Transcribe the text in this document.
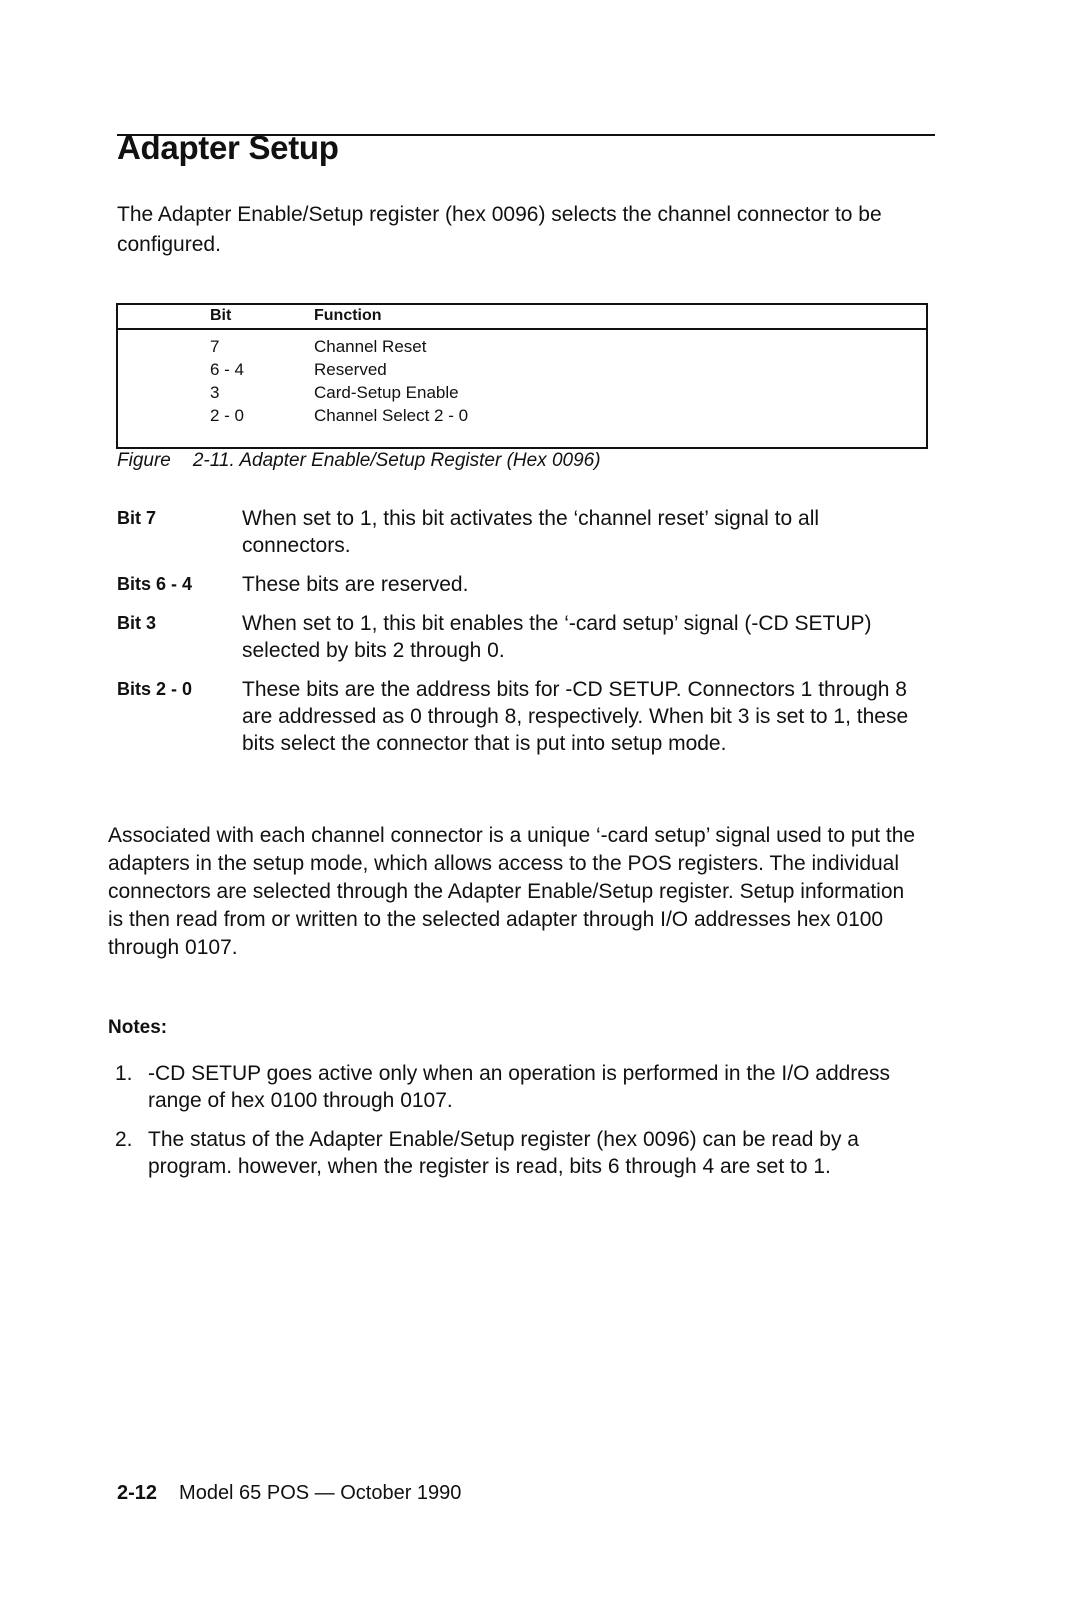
Adapter Setup

The Adapter Enable/Setup register (hex 0096) selects the channel connector to be configured.

Bit	Function
7	Channel Reset
6 - 4	Reserved
3	Card-Setup Enable
2 - 0	Channel Select 2 - 0
Figure 2-11. Adapter Enable/Setup Register (Hex 0096)
Bit 7	When set to 1, this bit activates the ‘channel reset’ signal to all connectors.
Bits 6 - 4 These bits are reserved.
Bit 3	When set to 1, this bit enables the ‘-card setup’ signal (-CD SETUP) selected by bits 2 through 0.
Bits 2 - 0 These bits are the address bits for -CD SETUP. Connectors 1 through 8 are addressed as 0 through 8, respectively. When bit 3 is set to 1, these bits select the connector that is put into setup mode.

Associated with each channel connector is a unique ‘-card setup’ signal used to put the adapters in the setup mode, which allows access to the POS registers. The individual connectors are selected through the Adapter Enable/Setup register. Setup information is then read from or written to the selected adapter through I/O addresses hex 0100 through 0107.

Notes:
1. -CD SETUP goes active only when an operation is performed in the I/O address range of hex 0100 through 0107.
2. The status of the Adapter Enable/Setup register (hex 0096) can be read by a program. however, when the register is read, bits 6 through 4 are set to 1.
2-12 Model 65 POS — October 1990
